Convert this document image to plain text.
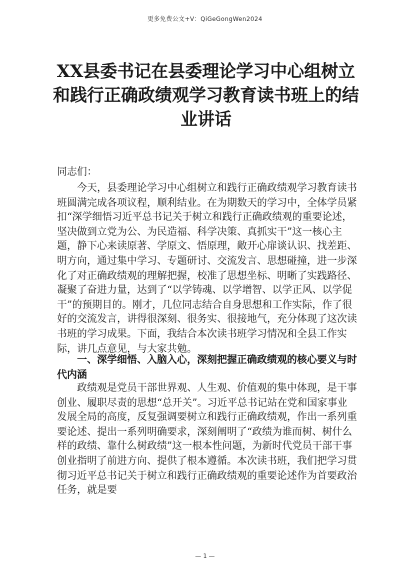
更多免费公文+V：QiGeGongWen2024
XX县委书记在县委理论学习中心组树立
和践行正确政绩观学习教育读书班上的结
业讲话

同志们：

今天，县委理论学习中心组树立和践行正确政绩观学习教育读书班圆满完成各项议程，顺利结业。在为期数天的学习中，全体学员紧扣“深学细悟习近平总书记关于树立和践行正确政绩观的重要论述，坚决做到立党为公、为民造福、科学决策、真抓实干”这一核心主题，静下心来读原著、学原文、悟原理，敞开心扉谈认识、找差距、明方向，通过集中学习、专题研讨、交流发言、思想碰撞，进一步深化了对正确政绩观的理解把握，校准了思想坐标、明晰了实践路径、凝聚了奋进力量，达到了“以学铸魂、以学增智、以学正风、以学促干”的预期目的。刚才，几位同志结合自身思想和工作实际，作了很好的交流发言，讲得很深刻、很务实、很接地气，充分体现了这次读书班的学习成果。下面，我结合本次读书班学习情况和全县工作实际，讲几点意见，与大家共勉。

一、深学细悟、入脑入心，深刻把握正确政绩观的核心要义与时代内涵

政绩观是党员干部世界观、人生观、价值观的集中体现，是干事创业、履职尽责的思想“总开关”。习近平总书记站在党和国家事业发展全局的高度，反复强调要树立和践行正确政绩观，作出一系列重要论述、提出一系列明确要求，深刻阐明了“政绩为谁而树、树什么样的政绩、靠什么树政绩”这一根本性问题，为新时代党员干部干事创业指明了前进方向、提供了根本遵循。本次读书班，我们把学习贯彻习近平总书记关于树立和践行正确政绩观的重要论述作为首要政治任务，就是要

— 1 —
